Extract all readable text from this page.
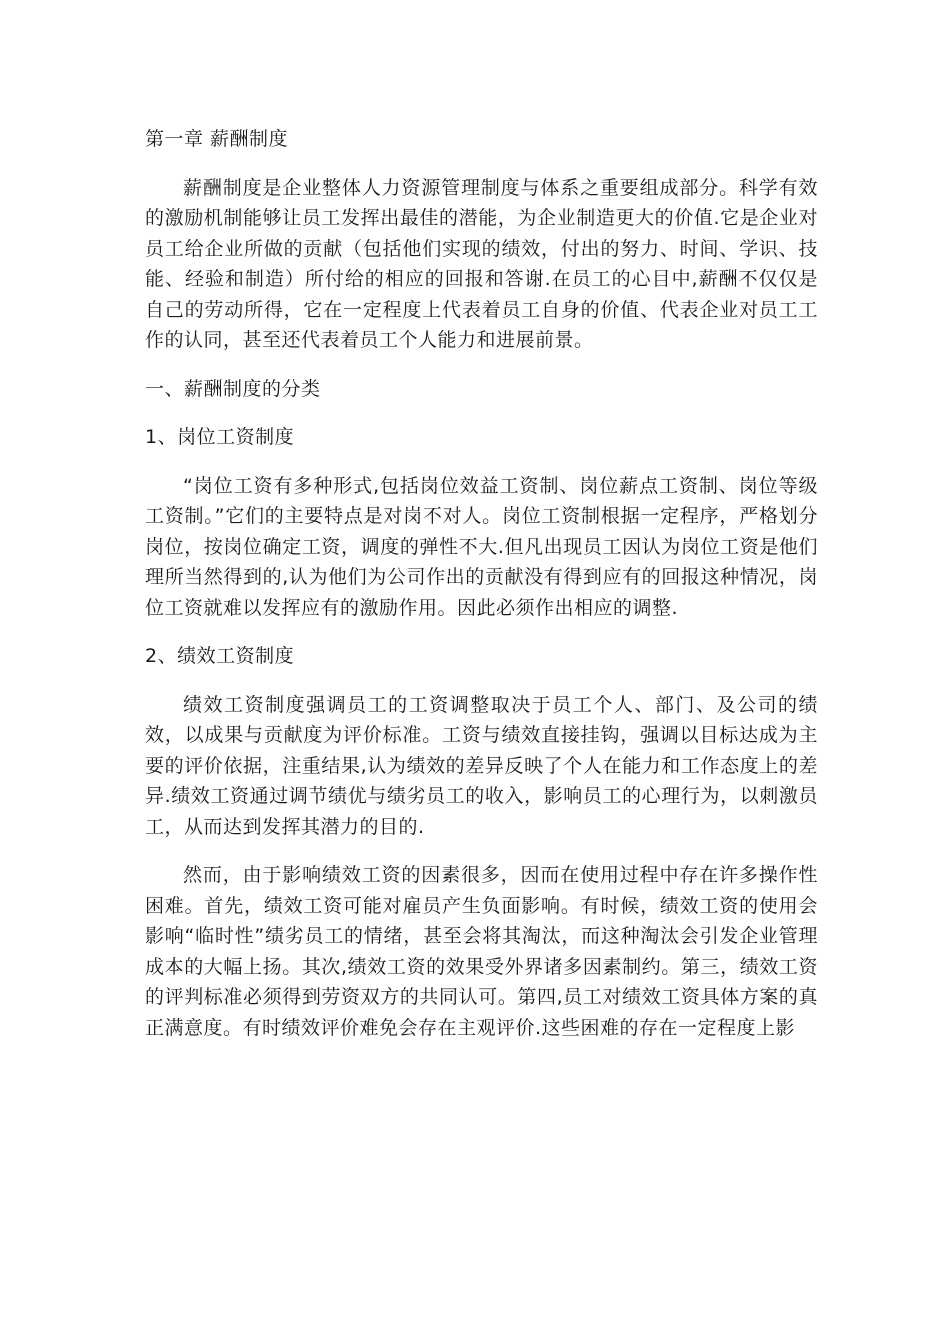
第一章 薪酬制度

薪酬制度是企业整体人力资源管理制度与体系之重要组成部分。科学有效的激励机制能够让员工发挥出最佳的潜能，为企业制造更大的价值.它是企业对员工给企业所做的贡献（包括他们实现的绩效，付出的努力、时间、学识、技能、经验和制造）所付给的相应的回报和答谢.在员工的心目中,薪酬不仅仅是自己的劳动所得，它在一定程度上代表着员工自身的价值、代表企业对员工工作的认同，甚至还代表着员工个人能力和进展前景。

一、薪酬制度的分类
1、岗位工资制度

“岗位工资有多种形式,包括岗位效益工资制、岗位薪点工资制、岗位等级工资制。”它们的主要特点是对岗不对人。岗位工资制根据一定程序，严格划分岗位，按岗位确定工资，调度的弹性不大.但凡出现员工因认为岗位工资是他们理所当然得到的,认为他们为公司作出的贡献没有得到应有的回报这种情况，岗位工资就难以发挥应有的激励作用。因此必须作出相应的调整.

2、绩效工资制度

绩效工资制度强调员工的工资调整取决于员工个人、部门、及公司的绩效，以成果与贡献度为评价标准。工资与绩效直接挂钩，强调以目标达成为主要的评价依据，注重结果,认为绩效的差异反映了个人在能力和工作态度上的差异.绩效工资通过调节绩优与绩劣员工的收入，影响员工的心理行为，以刺激员工，从而达到发挥其潜力的目的.

然而，由于影响绩效工资的因素很多，因而在使用过程中存在许多操作性困难。首先，绩效工资可能对雇员产生负面影响。有时候，绩效工资的使用会影响“临时性”绩劣员工的情绪，甚至会将其淘汰，而这种淘汰会引发企业管理成本的大幅上扬。其次,绩效工资的效果受外界诸多因素制约。第三，绩效工资的评判标准必须得到劳资双方的共同认可。第四,员工对绩效工资具体方案的真正满意度。有时绩效评价难免会存在主观评价.这些困难的存在一定程度上影
